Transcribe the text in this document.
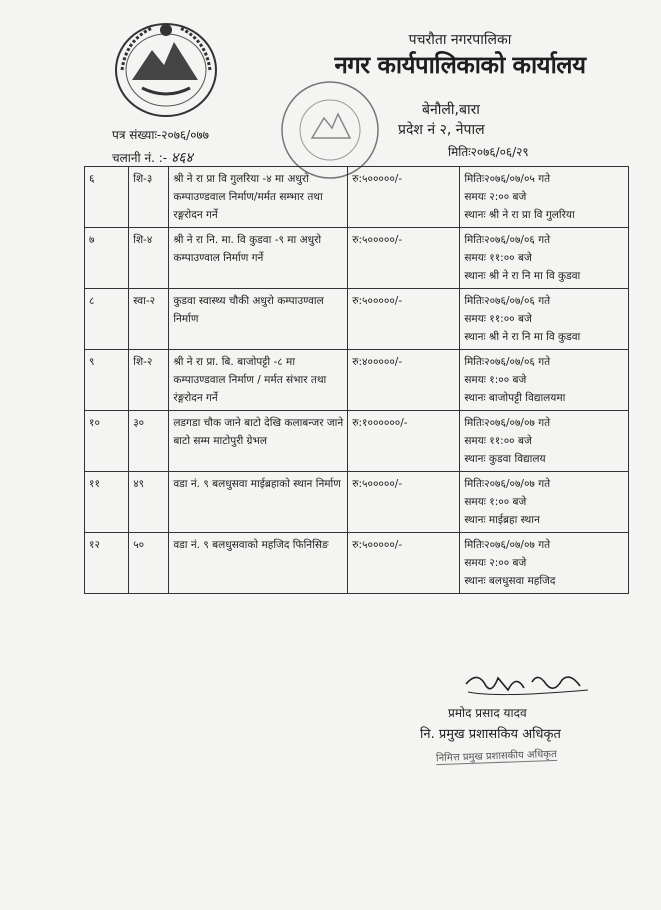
पचरौता नगरपालिका
नगर कार्यपालिकाको कार्यालय
बेनौली,बारा
प्रदेश नं २, नेपाल
पत्र संख्याः-२०७६/०७७
चलानी नं. :- ४६४	मितिः२०७६/०६/२९
६	शि-३	श्री ने रा प्रा वि गुलरिया -४ मा अधुरो कम्पाउण्डवाल निर्माण/मर्मत सम्भार तथा रङ्गरोदन गर्ने	रु:५०००००/-	मितिः२०७६/०७/०५ गते
समयः २:०० बजे
स्थानः श्री ने रा प्रा वि गुलरिया

७	शि-४	श्री ने रा नि. मा. वि कुडवा -९ मा अधुरो कम्पाउण्वाल निर्माण गर्ने	रु:५०००००/-	मितिः२०७६/०७/०६ गते
समयः ११:०० बजे
स्थानः श्री ने रा नि मा वि कुडवा

८	स्वा-२	कुडवा स्वास्थ्य चौकी अधुरो कम्पाउण्वाल निर्माण	रु:५०००००/-	मितिः२०७६/०७/०६ गते
समयः ११:०० बजे
स्थानः श्री ने रा नि मा वि कुडवा

९	शि-२	श्री ने रा प्रा. बि. बाजोपट्टी -८ मा कम्पाउण्डवाल निर्माण / मर्मत संभार तथा रंङ्गरोदन गर्ने	रु:४०००००/-	मितिः२०७६/०७/०६ गते
समयः १:०० बजे
स्थानः बाजोपट्टी विद्यालयमा

१०	३०	लडगडा चौक जाने बाटो देखि कलाबन्जर जाने बाटो सम्म माटोपुरी ग्रेभल	रु:१००००००/-	मितिः२०७६/०७/०७ गते
समयः ११:०० बजे
स्थानः कुडवा विद्यालय

११	४९	वडा नं. ९ बलधुसवा माईब्रहाको स्थान निर्माण	रु:५०००००/-	मितिः२०७६/०७/०७ गते
समयः १:०० बजे
स्थानः माईब्रहा स्थान

१२	५०	वडा नं. ९ बलधुसवाको महजिद फिनिसिङ	रु:५०००००/-	मितिः२०७६/०७/०७ गते
समयः २:०० बजे
स्थानः बलधुसवा महजिद
प्रमोद प्रसाद यादव
नि. प्रमुख प्रशासकिय अधिकृत
निमित्त प्रमुख प्रशासकीय अधिकृत
